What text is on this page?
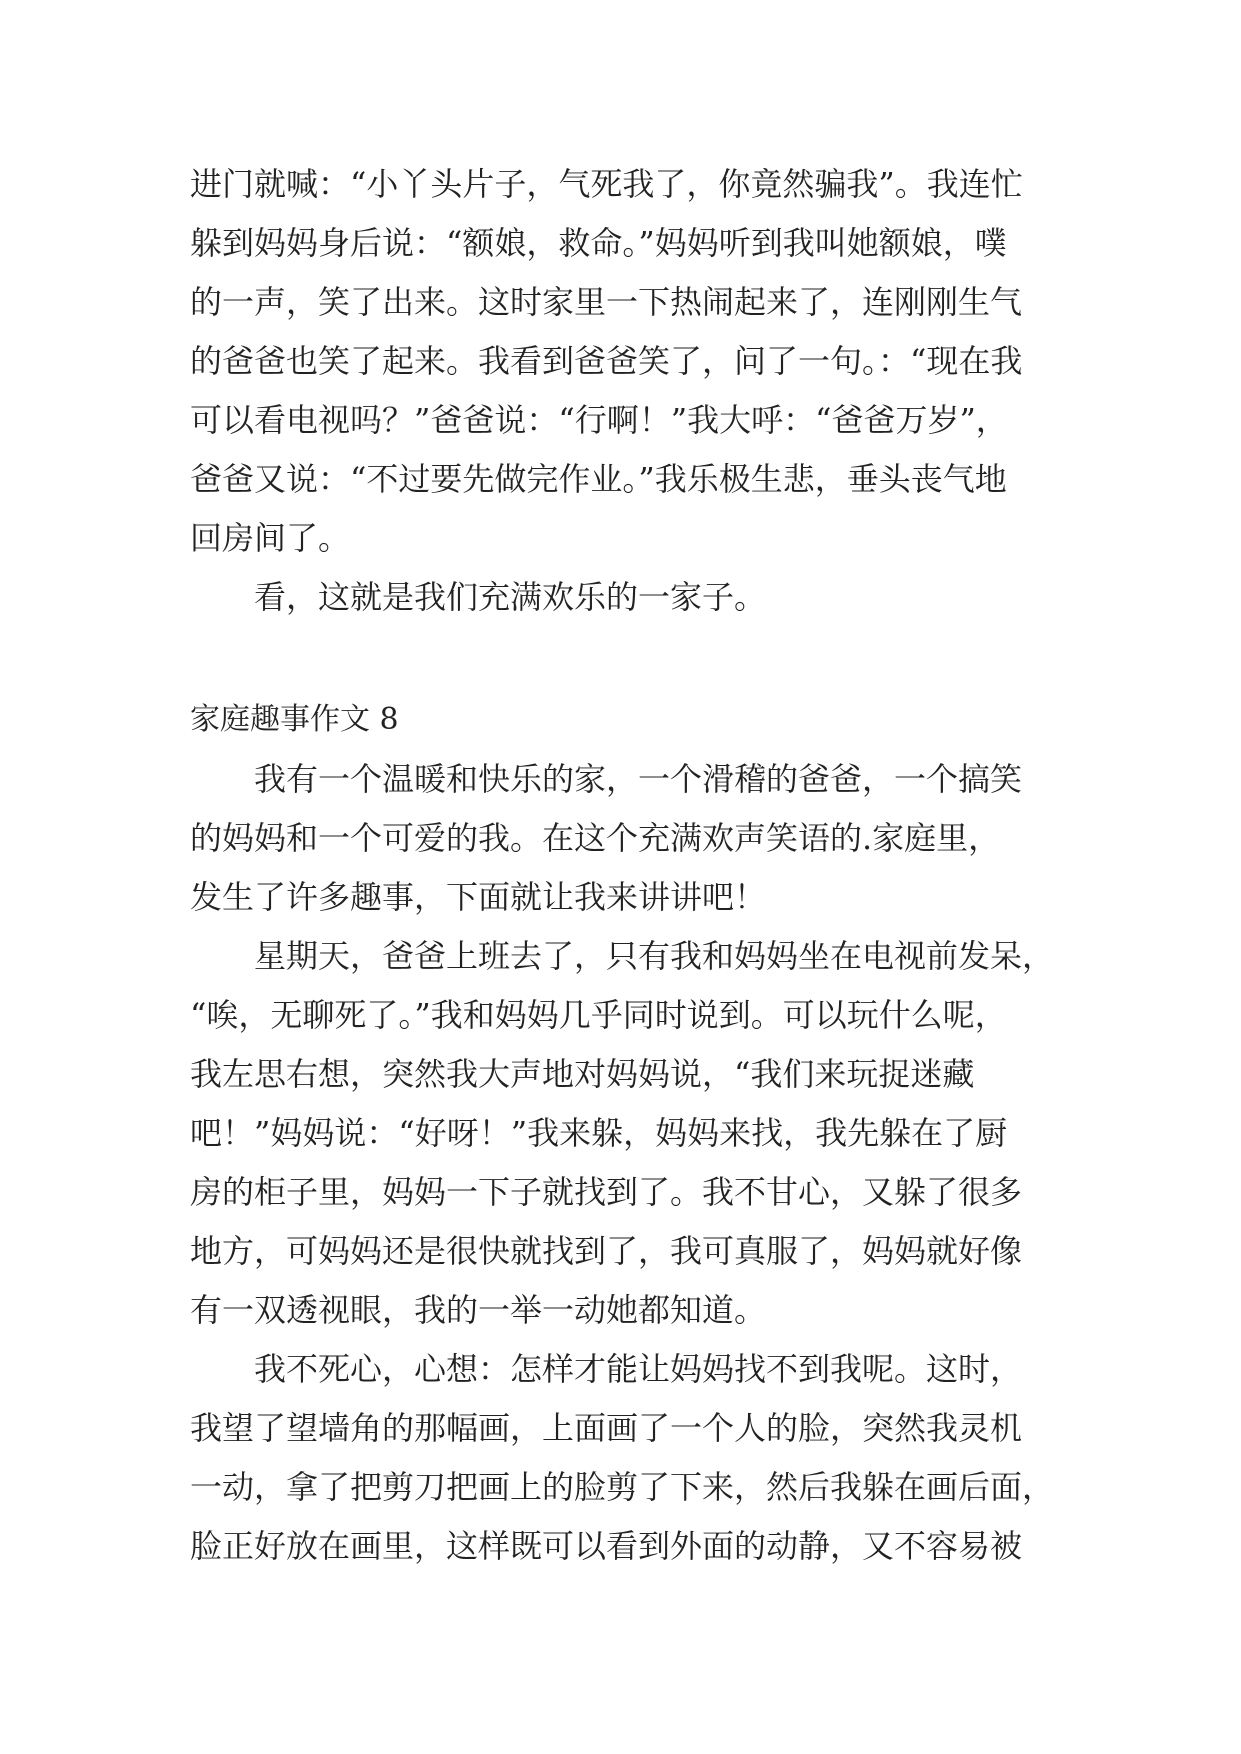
进门就喊：“小丫头片子，气死我了，你竟然骗我”。我连忙
躲到妈妈身后说：“额娘，救命。”妈妈听到我叫她额娘，噗
的一声，笑了出来。这时家里一下热闹起来了，连刚刚生气
的爸爸也笑了起来。我看到爸爸笑了，问了一句。：“现在我
可以看电视吗？”爸爸说：“行啊！”我大呼：“爸爸万岁”，
爸爸又说：“不过要先做完作业。”我乐极生悲，垂头丧气地
回房间了。
看，这就是我们充满欢乐的一家子。
家庭趣事作文 8
我有一个温暖和快乐的家，一个滑稽的爸爸，一个搞笑
的妈妈和一个可爱的我。在这个充满欢声笑语的.家庭里，
发生了许多趣事，下面就让我来讲讲吧！
星期天，爸爸上班去了，只有我和妈妈坐在电视前发呆，
“唉，无聊死了。”我和妈妈几乎同时说到。可以玩什么呢，
我左思右想，突然我大声地对妈妈说，“我们来玩捉迷藏
吧！”妈妈说：“好呀！”我来躲，妈妈来找，我先躲在了厨
房的柜子里，妈妈一下子就找到了。我不甘心，又躲了很多
地方，可妈妈还是很快就找到了，我可真服了，妈妈就好像
有一双透视眼，我的一举一动她都知道。
我不死心，心想：怎样才能让妈妈找不到我呢。这时，
我望了望墙角的那幅画，上面画了一个人的脸，突然我灵机
一动，拿了把剪刀把画上的脸剪了下来，然后我躲在画后面，
脸正好放在画里，这样既可以看到外面的动静，又不容易被
